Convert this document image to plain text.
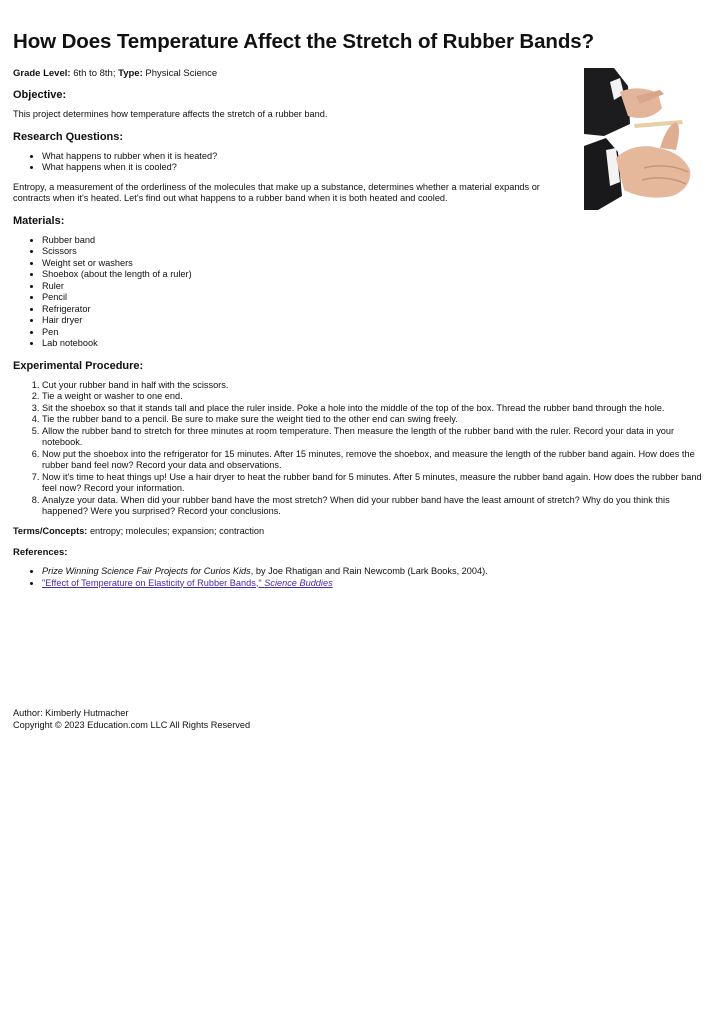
How Does Temperature Affect the Stretch of Rubber Bands?
Grade Level: 6th to 8th; Type: Physical Science
Objective:

This project determines how temperature affects the stretch of a rubber band.

Research Questions:
• What happens to rubber when it is heated?
• What happens when it is cooled?

Entropy, a measurement of the orderliness of the molecules that make up a substance, determines whether a material expands or contracts when it's heated. Let's find out what happens to a rubber band when it is both heated and cooled.

Materials:
• Rubber band
• Scissors
• Weight set or washers
• Shoebox (about the length of a ruler)
• Ruler
• Pencil
• Refrigerator
• Hair dryer
• Pen
• Lab notebook
Experimental Procedure:
1. Cut your rubber band in half with the scissors.
2. Tie a weight or washer to one end.
3. Sit the shoebox so that it stands tall and place the ruler inside. Poke a hole into the middle of the top of the box. Thread the rubber band through the hole.
4. Tie the rubber band to a pencil. Be sure to make sure the weight tied to the other end can swing freely.
5. Allow the rubber band to stretch for three minutes at room temperature. Then measure the length of the rubber band with the ruler. Record your data in your notebook.
6. Now put the shoebox into the refrigerator for 15 minutes. After 15 minutes, remove the shoebox, and measure the length of the rubber band again. How does the rubber band feel now? Record your data and observations.
7. Now it's time to heat things up! Use a hair dryer to heat the rubber band for 5 minutes. After 5 minutes, measure the rubber band again. How does the rubber band feel now? Record your information.
8. Analyze your data. When did your rubber band have the most stretch? When did your rubber band have the least amount of stretch? Why do you think this happened? Were you surprised? Record your conclusions.

Terms/Concepts: entropy; molecules; expansion; contraction

References:
• Prize Winning Science Fair Projects for Curios Kids, by Joe Rhatigan and Rain Newcomb (Lark Books, 2004).
• "Effect of Temperature on Elasticity of Rubber Bands," Science Buddies
Author: Kimberly Hutmacher
Copyright © 2023 Education.com LLC All Rights Reserved
